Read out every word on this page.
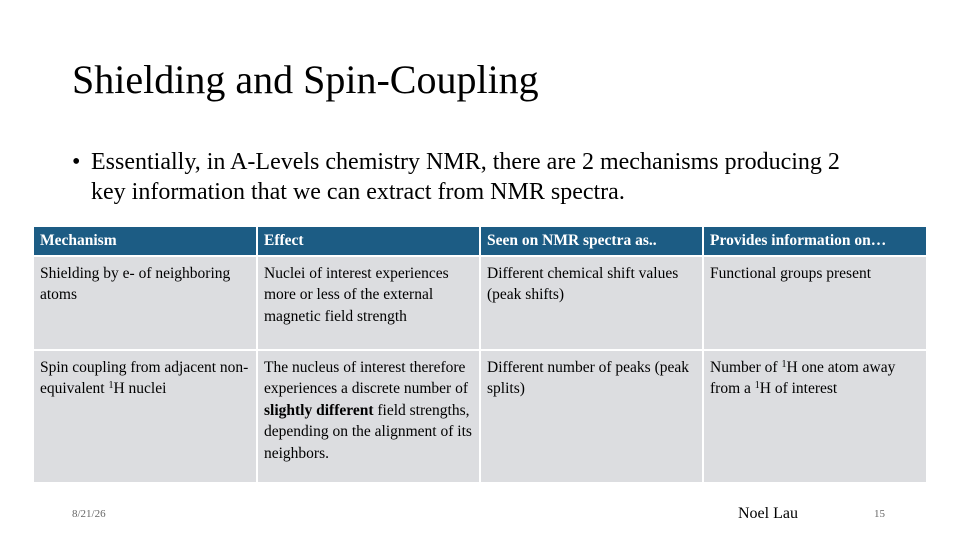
Shielding and Spin-Coupling
• Essentially, in A-Levels chemistry NMR, there are 2 mechanisms producing 2 key information that we can extract from NMR spectra.
Mechanism	Effect	Seen on NMR spectra as..	Provides information on…
Shielding by e- of neighboring atoms	Nuclei of interest experiences more or less of the external magnetic field strength	Different chemical shift values (peak shifts)	Functional groups present
Spin coupling from adjacent non-equivalent $^1$H nuclei	The nucleus of interest therefore experiences a discrete number of slightly different field strengths, depending on the alignment of its neighbors.	Different number of peaks (peak splits)	Number of $^1$H one atom away from a $^1$H of interest
8/21/26	Noel Lau	15
